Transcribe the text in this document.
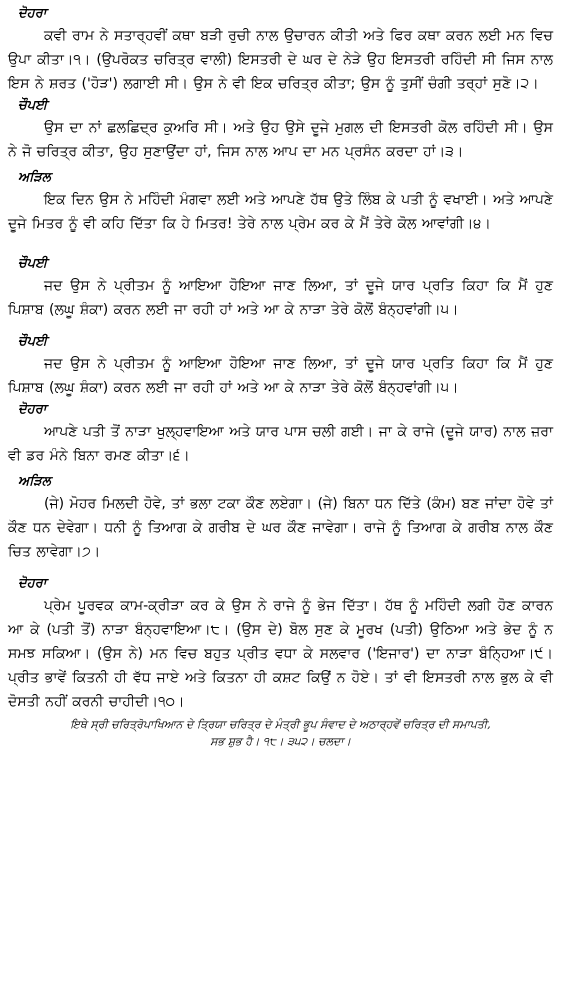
ਦੋਹਰਾ

ਕਵੀ ਰਾਮ ਨੇ ਸਤਾਰ੍ਹਵੀਂ ਕਥਾ ਬੜੀ ਰੁਚੀ ਨਾਲ ਉਚਾਰਨ ਕੀਤੀ ਅਤੇ ਫਿਰ ਕਥਾ ਕਰਨ ਲਈ ਮਨ ਵਿਚ ਉਪਾ ਕੀਤਾ।੧। (ਉਪਰੋਕਤ ਚਰਿਤ੍ਰ ਵਾਲੀ) ਇਸਤਰੀ ਦੇ ਘਰ ਦੇ ਨੇੜੇ ਉਹ ਇਸਤਰੀ ਰਹਿੰਦੀ ਸੀ ਜਿਸ ਨਾਲ ਇਸ ਨੇ ਸ਼ਰਤ ('ਹੋੜ') ਲਗਾਈ ਸੀ। ਉਸ ਨੇ ਵੀ ਇਕ ਚਰਿਤ੍ਰ ਕੀਤਾ; ਉਸ ਨੂੰ ਤੁਸੀਂ ਚੰਗੀ ਤਰ੍ਹਾਂ ਸੁਣੋ।੨।

ਚੌਪਈ

ਉਸ ਦਾ ਨਾਂ ਛਲਛਿਦ੍ਰ ਕੁਅਰਿ ਸੀ। ਅਤੇ ਉਹ ਉਸੇ ਦੂਜੇ ਮੁਗਲ ਦੀ ਇਸਤਰੀ ਕੋਲ ਰਹਿੰਦੀ ਸੀ। ਉਸ ਨੇ ਜੋ ਚਰਿਤ੍ਰ ਕੀਤਾ, ਉਹ ਸੁਣਾਉਂਦਾ ਹਾਂ, ਜਿਸ ਨਾਲ ਆਪ ਦਾ ਮਨ ਪ੍ਰਸੰਨ ਕਰਦਾ ਹਾਂ।੩।

ਅੜਿਲ

ਇਕ ਦਿਨ ਉਸ ਨੇ ਮਹਿੰਦੀ ਮੰਗਵਾ ਲਈ ਅਤੇ ਆਪਣੇ ਹੱਥ ਉਤੇ ਲਿੰਬ ਕੇ ਪਤੀ ਨੂੰ ਵਖਾਈ। ਅਤੇ ਆਪਣੇ ਦੂਜੇ ਮਿਤਰ ਨੂੰ ਵੀ ਕਹਿ ਦਿੱਤਾ ਕਿ ਹੇ ਮਿਤਰ! ਤੇਰੇ ਨਾਲ ਪ੍ਰੇਮ ਕਰ ਕੇ ਮੈਂ ਤੇਰੇ ਕੋਲ ਆਵਾਂਗੀ।੪।

ਚੌਪਈ

ਜਦ ਉਸ ਨੇ ਪ੍ਰੀਤਮ ਨੂੰ ਆਇਆ ਹੋਇਆ ਜਾਣ ਲਿਆ, ਤਾਂ ਦੂਜੇ ਯਾਰ ਪ੍ਰਤਿ ਕਿਹਾ ਕਿ ਮੈਂ ਹੁਣ ਪਿਸ਼ਾਬ (ਲਘੂ ਸ਼ੰਕਾ) ਕਰਨ ਲਈ ਜਾ ਰਹੀ ਹਾਂ ਅਤੇ ਆ ਕੇ ਨਾੜਾ ਤੇਰੇ ਕੋਲੋਂ ਬੰਨ੍ਹਵਾਂਗੀ।੫।

ਚੌਪਈ

ਜਦ ਉਸ ਨੇ ਪ੍ਰੀਤਮ ਨੂੰ ਆਇਆ ਹੋਇਆ ਜਾਣ ਲਿਆ, ਤਾਂ ਦੂਜੇ ਯਾਰ ਪ੍ਰਤਿ ਕਿਹਾ ਕਿ ਮੈਂ ਹੁਣ ਪਿਸ਼ਾਬ (ਲਘੂ ਸ਼ੰਕਾ) ਕਰਨ ਲਈ ਜਾ ਰਹੀ ਹਾਂ ਅਤੇ ਆ ਕੇ ਨਾੜਾ ਤੇਰੇ ਕੋਲੋਂ ਬੰਨ੍ਹਵਾਂਗੀ।੫।

ਦੋਹਰਾ

ਆਪਣੇ ਪਤੀ ਤੋਂ ਨਾੜਾ ਖੁਲ੍ਹਵਾਇਆ ਅਤੇ ਯਾਰ ਪਾਸ ਚਲੀ ਗਈ। ਜਾ ਕੇ ਰਾਜੇ (ਦੂਜੇ ਯਾਰ) ਨਾਲ ਜ਼ਰਾ ਵੀ ਡਰ ਮੰਨੇ ਬਿਨਾ ਰਮਣ ਕੀਤਾ।੬।

ਅੜਿਲ

(ਜੇ) ਮੋਹਰ ਮਿਲਦੀ ਹੋਵੇ, ਤਾਂ ਭਲਾ ਟਕਾ ਕੌਣ ਲਏਗਾ। (ਜੇ) ਬਿਨਾ ਧਨ ਦਿੱਤੇ (ਕੰਮ) ਬਣ ਜਾਂਦਾ ਹੋਵੇ ਤਾਂ ਕੌਣ ਧਨ ਦੇਵੇਗਾ। ਧਨੀ ਨੂੰ ਤਿਆਗ ਕੇ ਗਰੀਬ ਦੇ ਘਰ ਕੌਣ ਜਾਵੇਗਾ। ਰਾਜੇ ਨੂੰ ਤਿਆਗ ਕੇ ਗਰੀਬ ਨਾਲ ਕੌਣ ਚਿਤ ਲਾਵੇਗਾ।੭।

ਦੋਹਰਾ

ਪ੍ਰੇਮ ਪੂਰਵਕ ਕਾਮ-ਕ੍ਰੀੜਾ ਕਰ ਕੇ ਉਸ ਨੇ ਰਾਜੇ ਨੂੰ ਭੇਜ ਦਿੱਤਾ। ਹੱਥ ਨੂੰ ਮਹਿੰਦੀ ਲਗੀ ਹੋਣ ਕਾਰਨ ਆ ਕੇ (ਪਤੀ ਤੋਂ) ਨਾੜਾ ਬੰਨ੍ਹਵਾਇਆ।੮। (ਉਸ ਦੇ) ਬੋਲ ਸੁਣ ਕੇ ਮੂਰਖ (ਪਤੀ) ਉਠਿਆ ਅਤੇ ਭੇਦ ਨੂੰ ਨ ਸਮਝ ਸਕਿਆ। (ਉਸ ਨੇ) ਮਨ ਵਿਚ ਬਹੁਤ ਪ੍ਰੀਤ ਵਧਾ ਕੇ ਸਲਵਾਰ ('ਇਜਾਰ') ਦਾ ਨਾੜਾ ਬੰਨ੍ਹਿਆ।੯। ਪ੍ਰੀਤ ਭਾਵੇਂ ਕਿਤਨੀ ਹੀ ਵੱਧ ਜਾਏ ਅਤੇ ਕਿਤਨਾ ਹੀ ਕਸ਼ਟ ਕਿਉਂ ਨ ਹੋਏ। ਤਾਂ ਵੀ ਇਸਤਰੀ ਨਾਲ ਭੁਲ ਕੇ ਵੀ ਦੋਸਤੀ ਨਹੀਂ ਕਰਨੀ ਚਾਹੀਦੀ।੧੦।

ਇਥੇ ਸ੍ਰੀ ਚਰਿਤ੍ਰੋਪਾਖਿਆਨ ਦੇ ਤ੍ਰਿਯਾ ਚਰਿਤ੍ਰ ਦੇ ਮੰਤ੍ਰੀ ਭੂਪ ਸੰਵਾਦ ਦੇ ਅਠਾਰ੍ਹਵੇਂ ਚਰਿਤ੍ਰ ਦੀ ਸਮਾਪਤੀ,
ਸਭ ਸ਼ੁਭ ਹੈ। ੧੮। ੩੫੨। ਚਲਦਾ।
